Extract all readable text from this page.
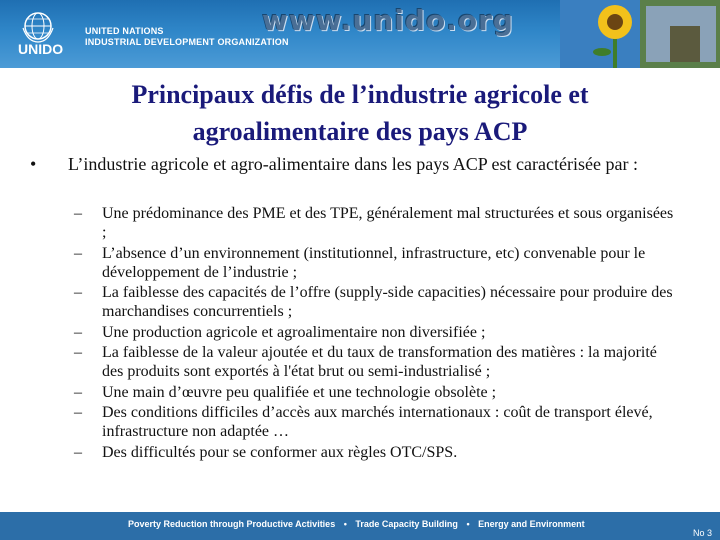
UNIDO
UNITED NATIONS
INDUSTRIAL DEVELOPMENT ORGANIZATION
www.unido.org
Principaux défis de l’industrie agricole et
agroalimentaire des pays ACP
• L’industrie agricole et agro-alimentaire dans les pays ACP est caractérisée par :
– Une prédominance des PME et des TPE, généralement mal structurées et sous organisées ;
– L’absence d’un environnement (institutionnel, infrastructure, etc) convenable pour le développement de l’industrie ;
– La faiblesse des capacités de l’offre (supply-side capacities) nécessaire pour produire des marchandises concurrentiels ;
– Une production agricole et agroalimentaire non diversifiée ;
– La faiblesse de la valeur ajoutée et du taux de transformation des matières : la majorité des produits sont exportés à l'état brut ou semi-industrialisé ;
– Une main d’œuvre peu qualifiée et une technologie obsolète ;
– Des conditions difficiles d’accès aux marchés internationaux : coût de transport élevé, infrastructure non adaptée …
– Des difficultés pour se conformer aux règles OTC/SPS.
Poverty Reduction through Productive Activities • Trade Capacity Building • Energy and Environment
No 3
